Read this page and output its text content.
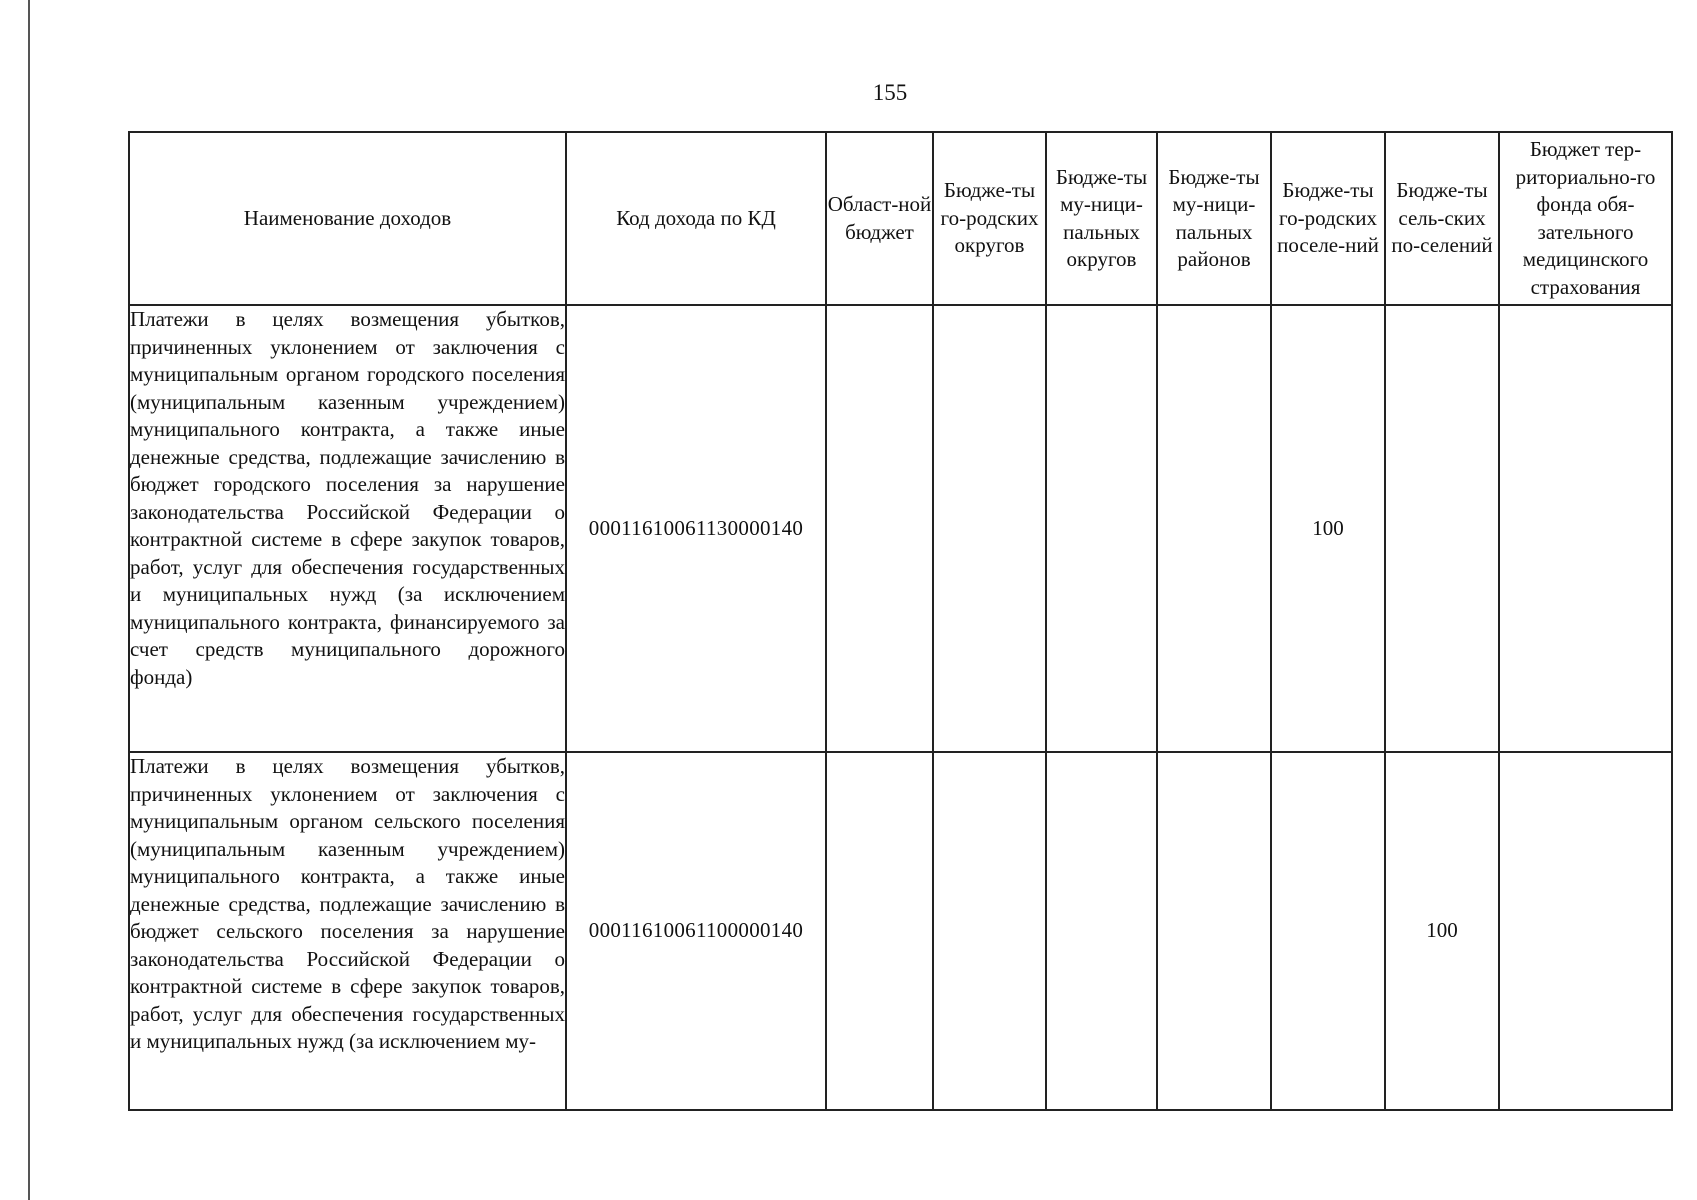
155
Наименование доходов	Код дохода по КД	Област-ной бюджет	Бюдже-ты го-родских округов	Бюдже-ты му-ници-пальных округов	Бюдже-ты му-ници-пальных районов	Бюдже-ты го-родских поселе-ний	Бюдже-ты сель-ских по-селений	Бюджет тер-риториально-го фонда обя-зательного медицинского страхования
Платежи в целях возмещения убытков, причиненных уклонением от заключения с муниципальным органом городского поселения (муниципальным казенным учреждением) муниципального контракта, а также иные денежные средства, подлежащие зачислению в бюджет городского поселения за нарушение законодательства Российской Федерации о контрактной системе в сфере закупок товаров, работ, услуг для обеспечения государственных и муниципальных нужд (за исключением муниципального контракта, финансируемого за счет средств муниципального дорожного фонда)	00011610061130000140					100		

Платежи в целях возмещения убытков, причиненных уклонением от заключения с муниципальным органом сельского поселения (муниципальным казенным учреждением) муниципального контракта, а также иные денежные средства, подлежащие зачислению в бюджет сельского поселения за нарушение законодательства Российской Федерации о контрактной системе в сфере закупок товаров, работ, услуг для обеспечения государственных и муниципальных нужд (за исключением му-	00011610061100000140						100	
